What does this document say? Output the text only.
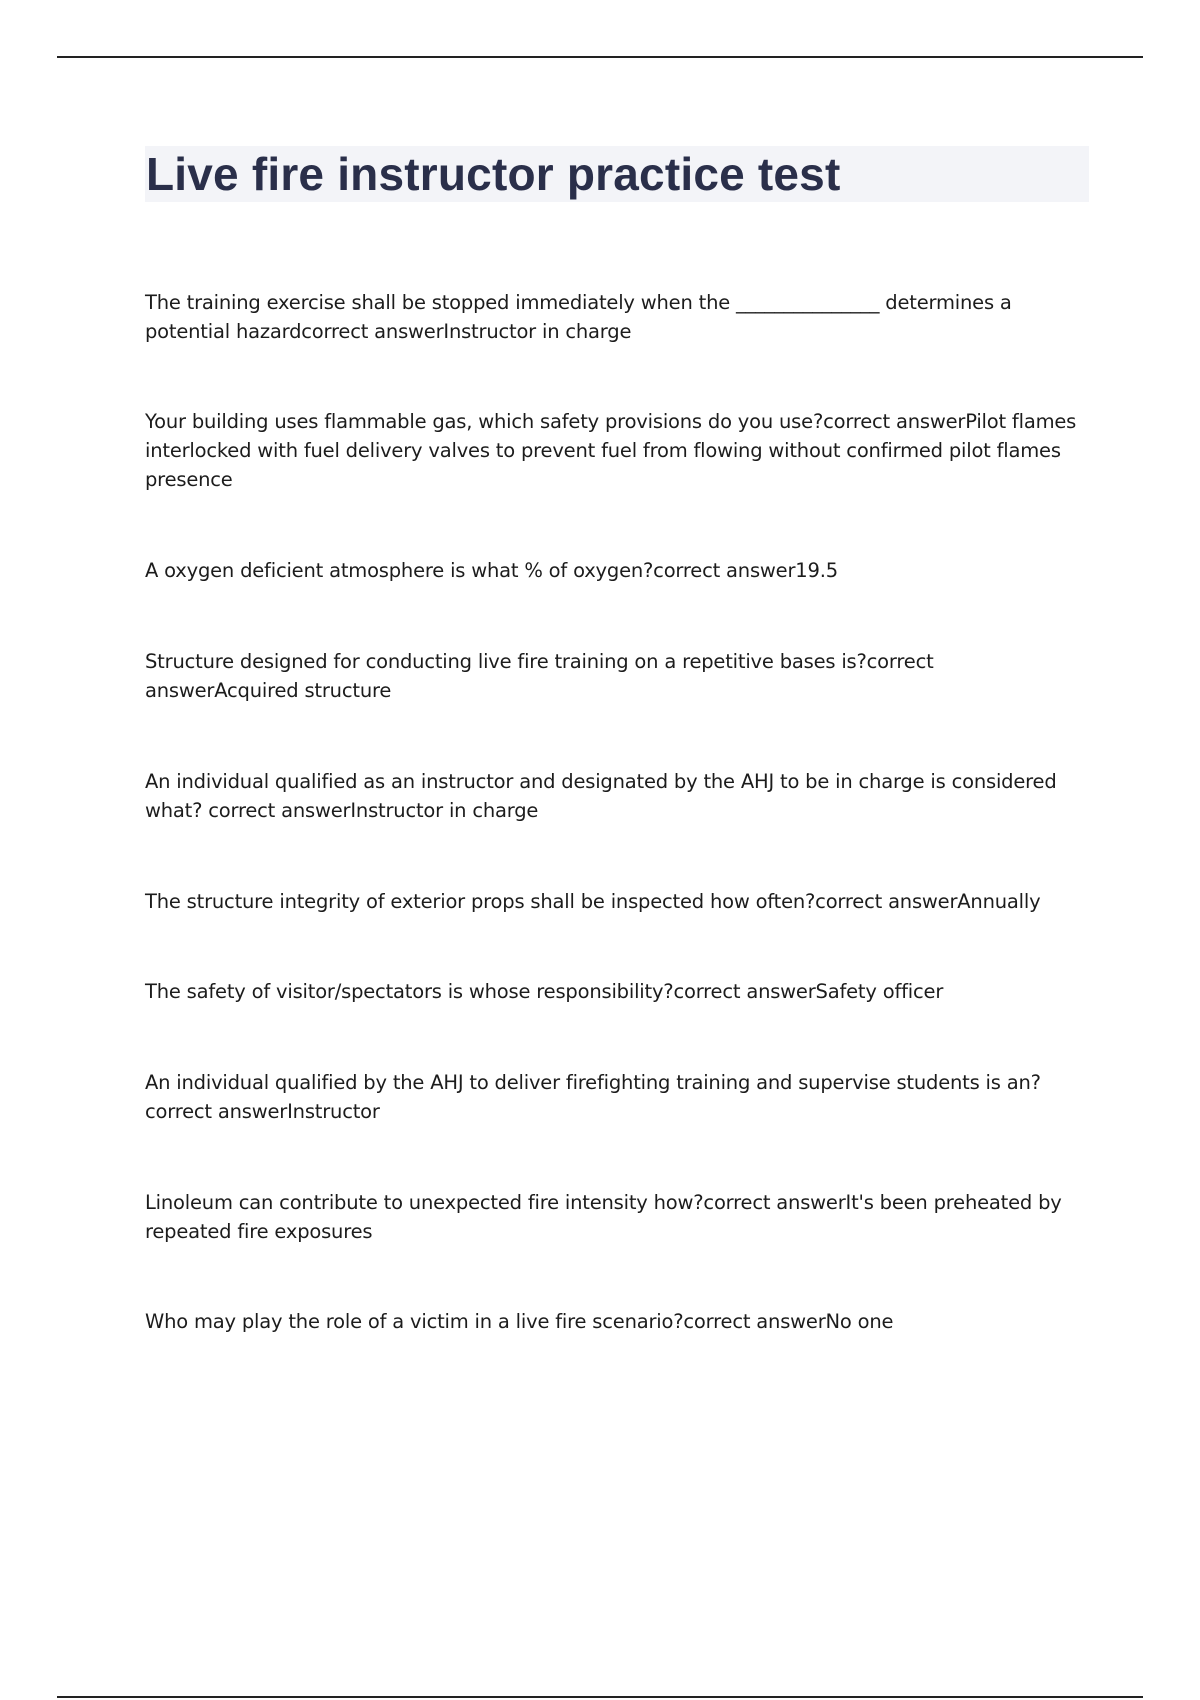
Live fire instructor practice test

The training exercise shall be stopped immediately when the _______________ determines a potential hazardcorrect answerInstructor in charge

Your building uses flammable gas, which safety provisions do you use?correct answerPilot flames interlocked with fuel delivery valves to prevent fuel from flowing without confirmed pilot flames presence

A oxygen deficient atmosphere is what % of oxygen?correct answer19.5

Structure designed for conducting live fire training on a repetitive bases is?correct answerAcquired structure

An individual qualified as an instructor and designated by the AHJ to be in charge is considered what? correct answerInstructor in charge

The structure integrity of exterior props shall be inspected how often?correct answerAnnually

The safety of visitor/spectators is whose responsibility?correct answerSafety officer

An individual qualified by the AHJ to deliver firefighting training and supervise students is an?correct answerInstructor

Linoleum can contribute to unexpected fire intensity how?correct answerIt's been preheated by repeated fire exposures

Who may play the role of a victim in a live fire scenario?correct answerNo one
